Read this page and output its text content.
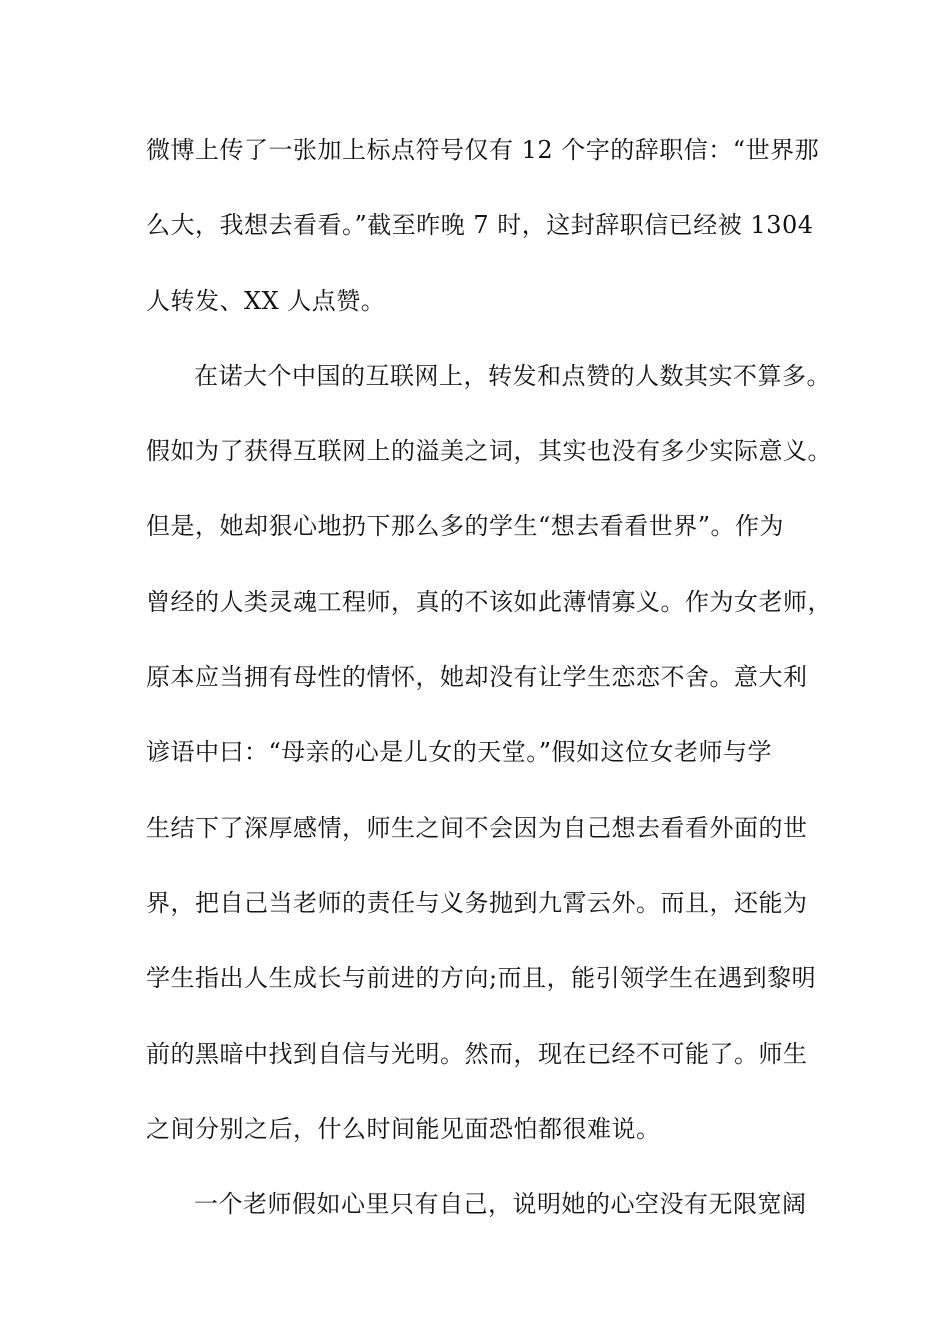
微博上传了一张加上标点符号仅有 12 个字的辞职信：“世界那
么大，我想去看看。”截至昨晚 7 时，这封辞职信已经被 1304
人转发、XX 人点赞。
在诺大个中国的互联网上，转发和点赞的人数其实不算多。
假如为了获得互联网上的溢美之词，其实也没有多少实际意义。
但是，她却狠心地扔下那么多的学生“想去看看世界”。作为
曾经的人类灵魂工程师，真的不该如此薄情寡义。作为女老师，
原本应当拥有母性的情怀，她却没有让学生恋恋不舍。意大利
谚语中曰：“母亲的心是儿女的天堂。”假如这位女老师与学
生结下了深厚感情，师生之间不会因为自己想去看看外面的世
界，把自己当老师的责任与义务抛到九霄云外。而且，还能为
学生指出人生成长与前进的方向;而且，能引领学生在遇到黎明
前的黑暗中找到自信与光明。然而，现在已经不可能了。师生
之间分别之后，什么时间能见面恐怕都很难说。
一个老师假如心里只有自己，说明她的心空没有无限宽阔
